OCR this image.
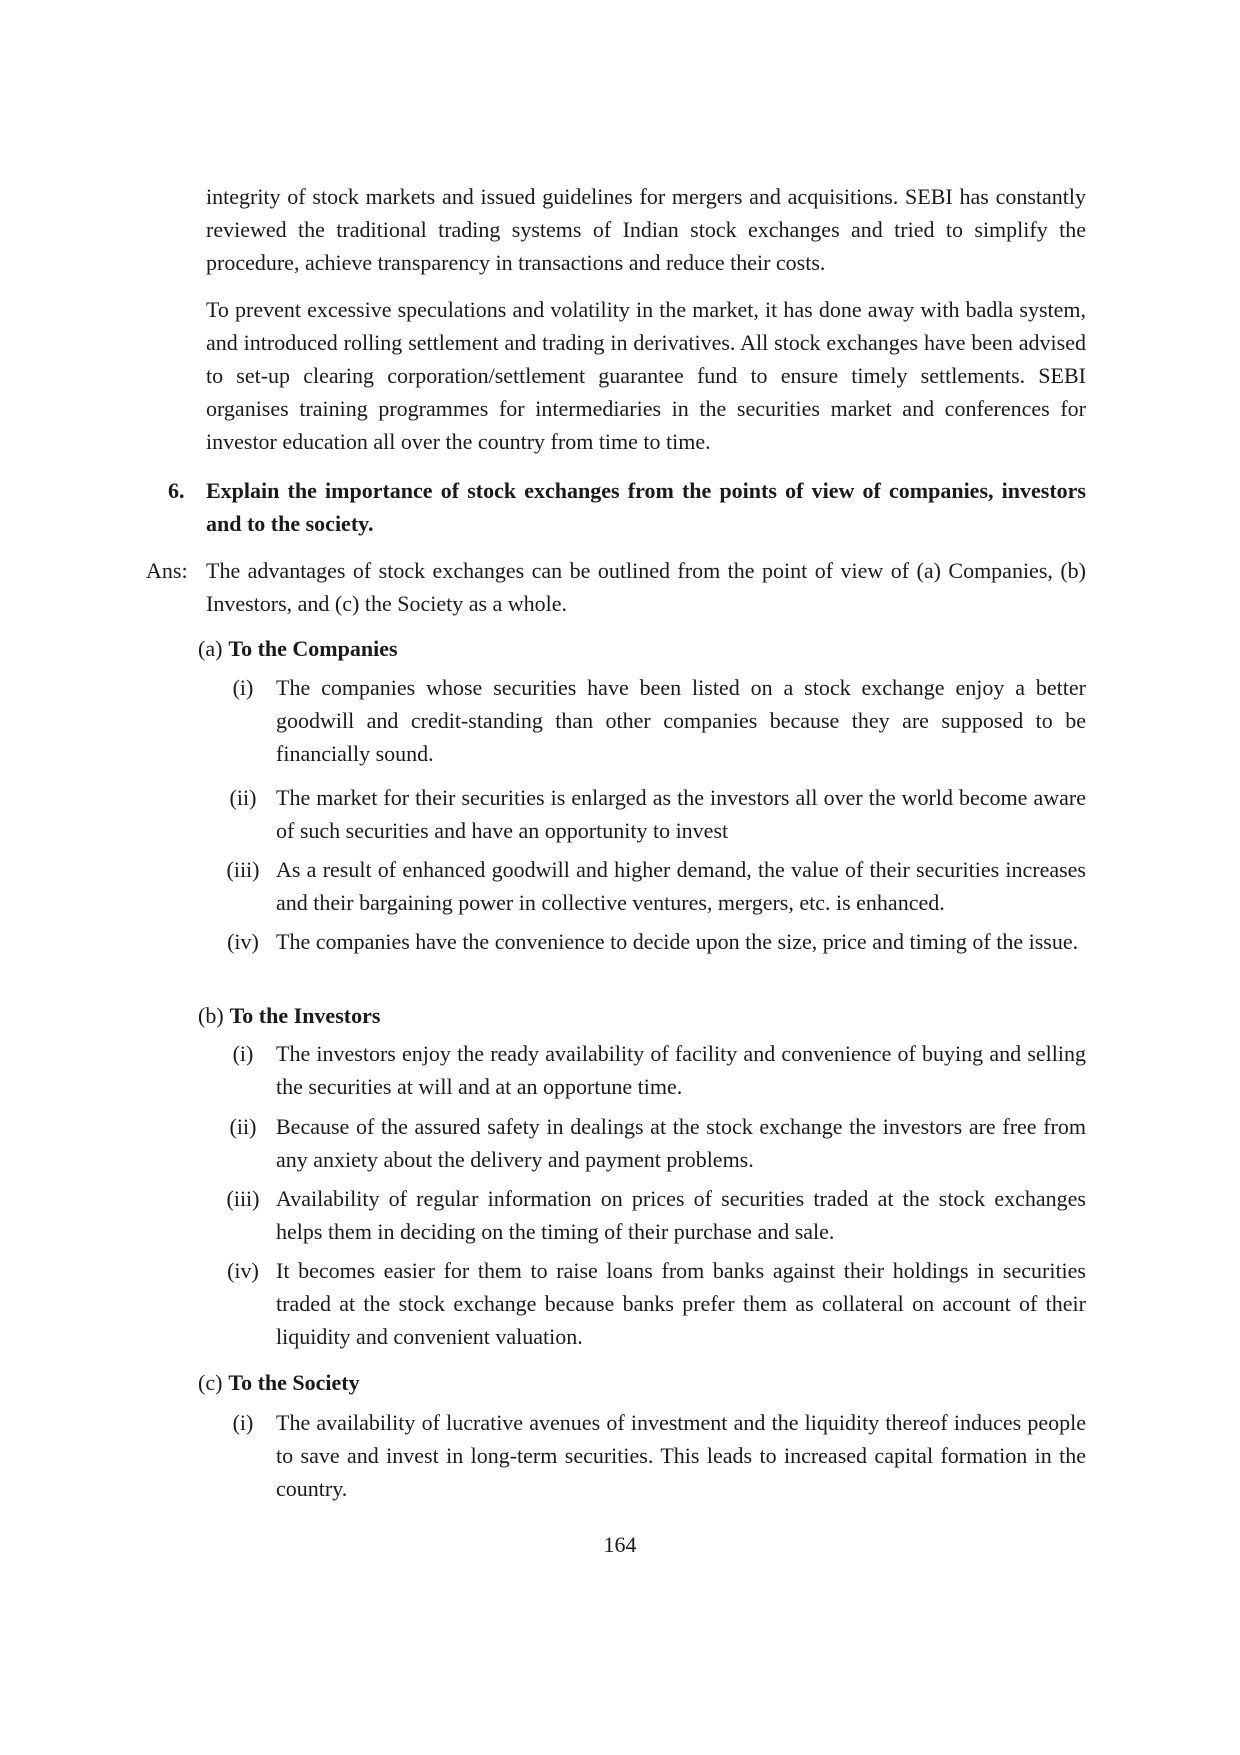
integrity of stock markets and issued guidelines for mergers and acquisitions. SEBI has constantly reviewed the traditional trading systems of Indian stock exchanges and tried to simplify the procedure, achieve transparency in transactions and reduce their costs.

To prevent excessive speculations and volatility in the market, it has done away with badla system, and introduced rolling settlement and trading in derivatives. All stock exchanges have been advised to set-up clearing corporation/settlement guarantee fund to ensure timely settlements. SEBI organises training programmes for intermediaries in the securities market and conferences for investor education all over the country from time to time.

6. Explain the importance of stock exchanges from the points of view of companies, investors and to the society.

Ans: The advantages of stock exchanges can be outlined from the point of view of (a) Companies, (b) Investors, and (c) the Society as a whole.

(a) To the Companies
(i)	The companies whose securities have been listed on a stock exchange enjoy a better goodwill and credit-standing than other companies because they are supposed to be financially sound.

(ii) The market for their securities is enlarged as the investors all over the world become aware of such securities and have an opportunity to invest

(iii) As a result of enhanced goodwill and higher demand, the value of their securities increases and their bargaining power in collective ventures, mergers, etc. is enhanced.

(iv) The companies have the convenience to decide upon the size, price and timing of the issue.

(b) To the Investors
(i)	The investors enjoy the ready availability of facility and convenience of buying and selling the securities at will and at an opportune time.

(ii) Because of the assured safety in dealings at the stock exchange the investors are free from any anxiety about the delivery and payment problems.

(iii) Availability of regular information on prices of securities traded at the stock exchanges helps them in deciding on the timing of their purchase and sale.

(iv) It becomes easier for them to raise loans from banks against their holdings in securities traded at the stock exchange because banks prefer them as collateral on account of their liquidity and convenient valuation.

(c) To the Society
(i)	The availability of lucrative avenues of investment and the liquidity thereof induces people to save and invest in long-term securities. This leads to increased capital formation in the country.

164
